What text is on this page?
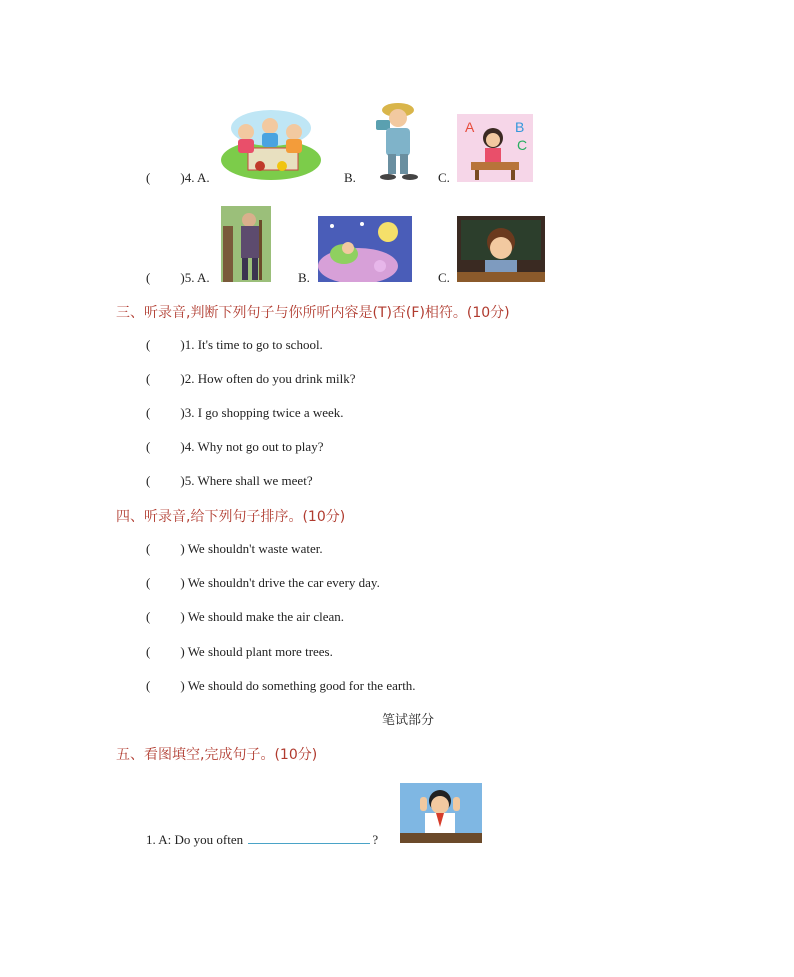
( )4. A.	B.	C.
A	B
C
( )5. A.	B.	C.
三、听录音,判断下列句子与你所听内容是(T)否(F)相符。(10分)
( )1. It's time to go to school.
( )2. How often do you drink milk?
( )3. I go shopping twice a week.
( )4. Why not go out to play?
( )5. Where shall we meet?
四、听录音,给下列句子排序。(10分)
( ) We shouldn't waste water.
( ) We shouldn't drive the car every day.
( ) We should make the air clean.
( ) We should plant more trees.
( ) We should do something good for the earth.
笔试部分
五、看图填空,完成句子。(10分)
1. A: Do you often	?
